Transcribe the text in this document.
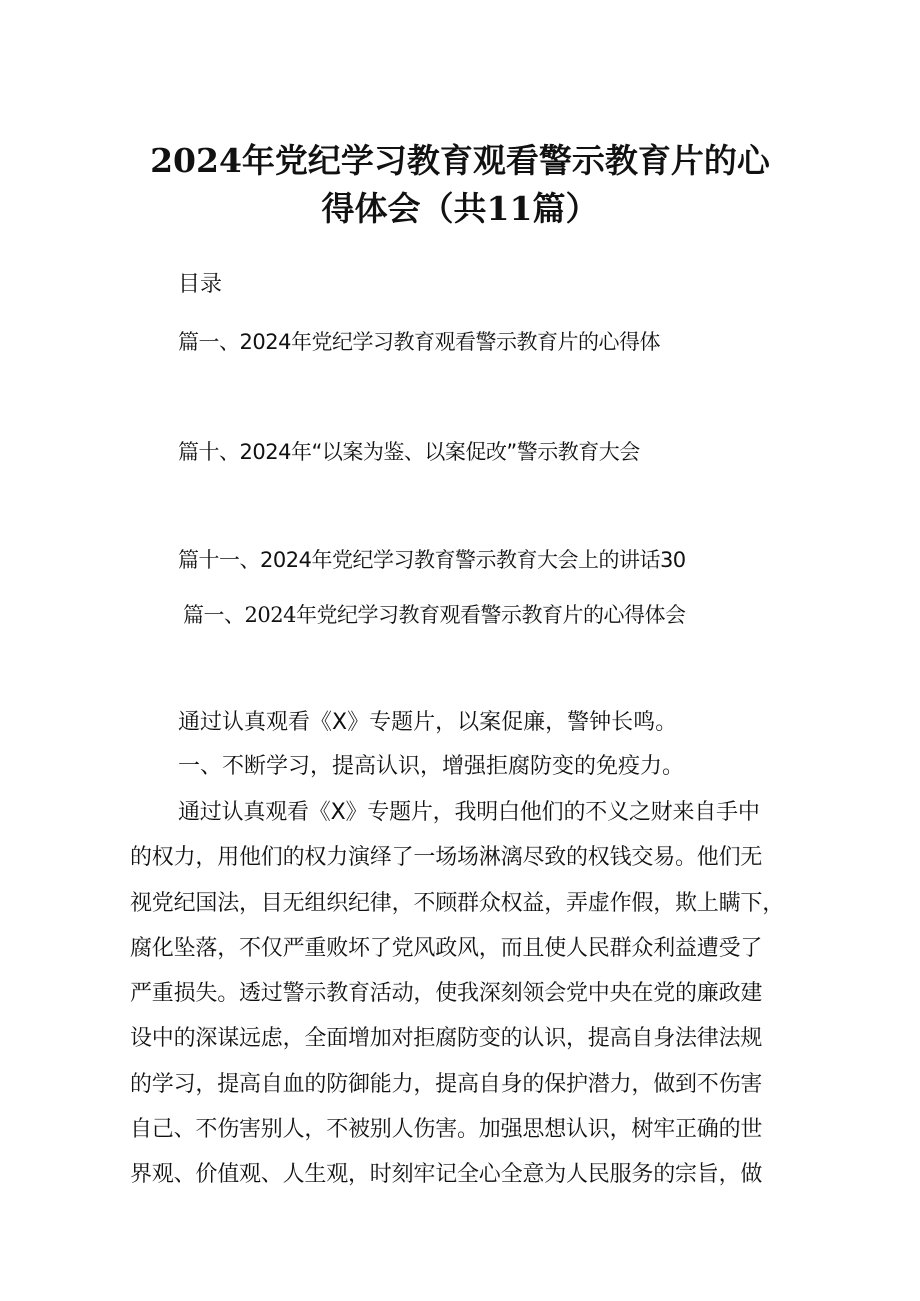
2024年党纪学习教育观看警示教育片的心
得体会（共11篇）
目录
篇一、2024年党纪学习教育观看警示教育片的心得体
篇十、2024年“以案为鉴、以案促改”警示教育大会
篇十一、2024年党纪学习教育警示教育大会上的讲话30
篇一、2024年党纪学习教育观看警示教育片的心得体会
通过认真观看《X》专题片，以案促廉，警钟长鸣。
一、不断学习，提高认识，增强拒腐防变的免疫力。
通过认真观看《X》专题片，我明白他们的不义之财来自手中
的权力，用他们的权力演绎了一场场淋漓尽致的权钱交易。他们无
视党纪国法，目无组织纪律，不顾群众权益，弄虚作假，欺上瞒下，
腐化坠落，不仅严重败坏了党风政风，而且使人民群众利益遭受了
严重损失。透过警示教育活动，使我深刻领会党中央在党的廉政建
设中的深谋远虑，全面增加对拒腐防变的认识，提高自身法律法规
的学习，提高自血的防御能力，提高自身的保护潜力，做到不伤害
自己、不伤害别人，不被别人伤害。加强思想认识，树牢正确的世
界观、价值观、人生观，时刻牢记全心全意为人民服务的宗旨，做
